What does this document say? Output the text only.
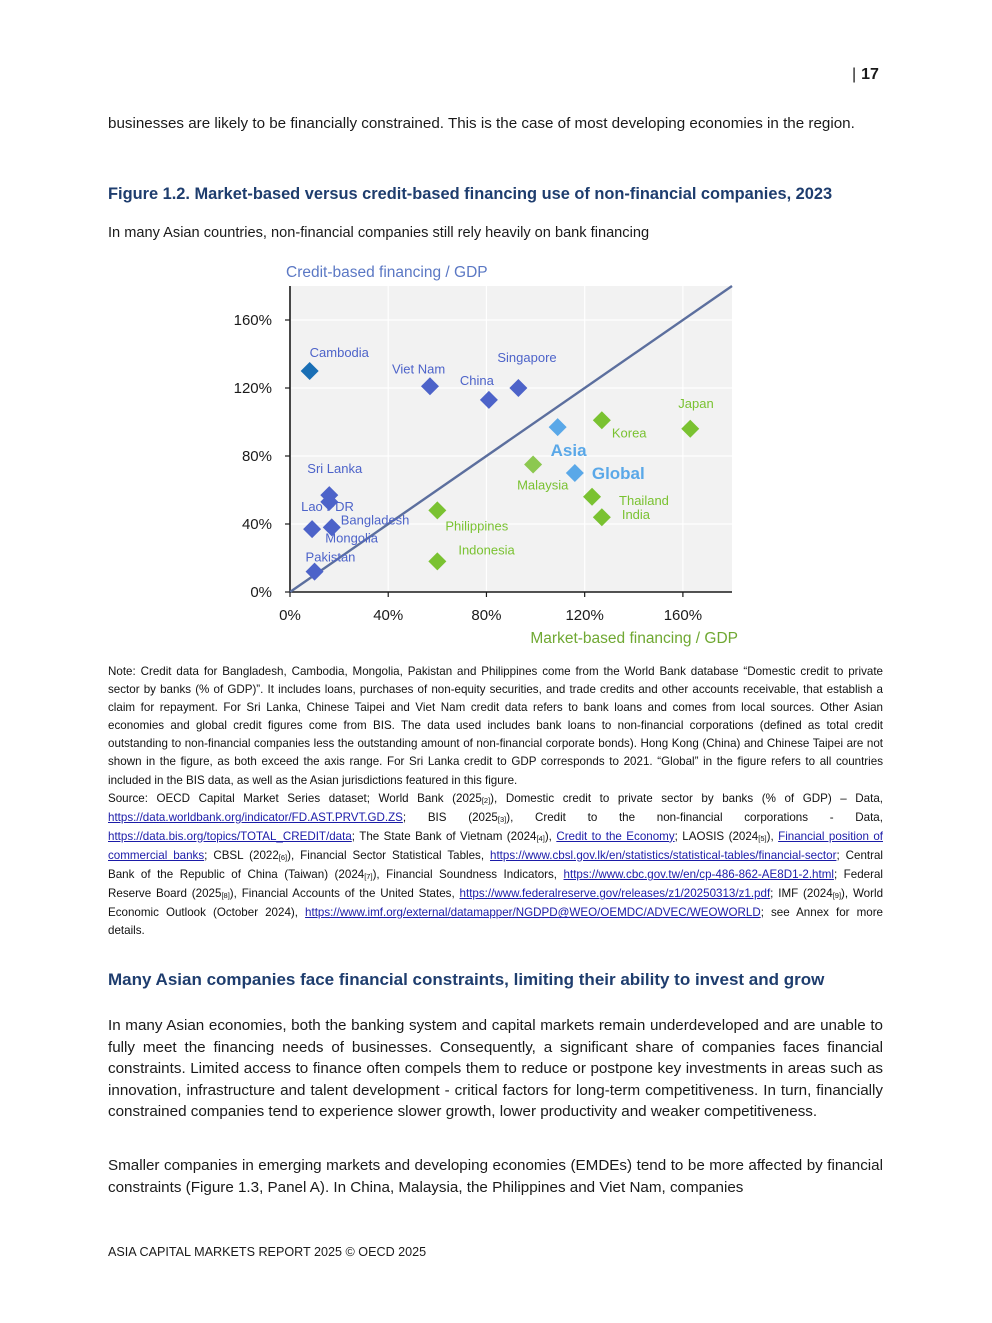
| 17

businesses are likely to be financially constrained. This is the case of most developing economies in the region.

Figure 1.2. Market-based versus credit-based financing use of non-financial companies, 2023

In many Asian countries, non-financial companies still rely heavily on bank financing

0%
40%
80%
120%
160%
0%	40%	80%	120%	160%
Cambodia
Viet Nam
China
Singapore
Sri Lanka
Lao PDR
Bangladesh
Mongolia
Pakistan
Asia
Global
Korea
Japan
Malaysia
Thailand
India
Philippines
Indonesia
Credit-based financing / GDP
Market-based financing / GDP
Note: Credit data for Bangladesh, Cambodia, Mongolia, Pakistan and Philippines come from the World Bank database “Domestic credit to private sector by banks (% of GDP)”. It includes loans, purchases of non-equity securities, and trade credits and other accounts receivable, that establish a claim for repayment. For Sri Lanka, Chinese Taipei and Viet Nam credit data refers to bank loans and comes from local sources. Other Asian economies and global credit figures come from BIS. The data used includes bank loans to non-financial corporations (defined as total credit outstanding to non-financial companies less the outstanding amount of non-financial corporate bonds). Hong Kong (China) and Chinese Taipei are not shown in the figure, as both exceed the axis range. For Sri Lanka credit to GDP corresponds to 2021. “Global” in the figure refers to all countries included in the BIS data, as well as the Asian jurisdictions featured in this figure.
Source: OECD Capital Market Series dataset; World Bank (2025[2]), Domestic credit to private sector by banks (% of GDP) – Data, https://data.worldbank.org/indicator/FD.AST.PRVT.GD.ZS; BIS (2025[3]), Credit to the non-financial corporations - Data, https://data.bis.org/topics/TOTAL_CREDIT/data; The State Bank of Vietnam (2024[4]), Credit to the Economy; LAOSIS (2024[5]), Financial position of commercial banks; CBSL (2022[6]), Financial Sector Statistical Tables, https://www.cbsl.gov.lk/en/statistics/statistical-tables/financial-sector; Central Bank of the Republic of China (Taiwan) (2024[7]), Financial Soundness Indicators, https://www.cbc.gov.tw/en/cp-486-862-AE8D1-2.html; Federal Reserve Board (2025[8]), Financial Accounts of the United States, https://www.federalreserve.gov/releases/z1/20250313/z1.pdf; IMF (2024[9]), World Economic Outlook (October 2024), https://www.imf.org/external/datamapper/NGDPD@WEO/OEMDC/ADVEC/WEOWORLD; see Annex for more details.
Many Asian companies face financial constraints, limiting their ability to invest and grow

In many Asian economies, both the banking system and capital markets remain underdeveloped and are unable to fully meet the financing needs of businesses. Consequently, a significant share of companies faces financial constraints. Limited access to finance often compels them to reduce or postpone key investments in areas such as innovation, infrastructure and talent development - critical factors for long-term competitiveness. In turn, financially constrained companies tend to experience slower growth, lower productivity and weaker competitiveness.

Smaller companies in emerging markets and developing economies (EMDEs) tend to be more affected by financial constraints (Figure 1.3, Panel A). In China, Malaysia, the Philippines and Viet Nam, companies

ASIA CAPITAL MARKETS REPORT 2025 © OECD 2025
